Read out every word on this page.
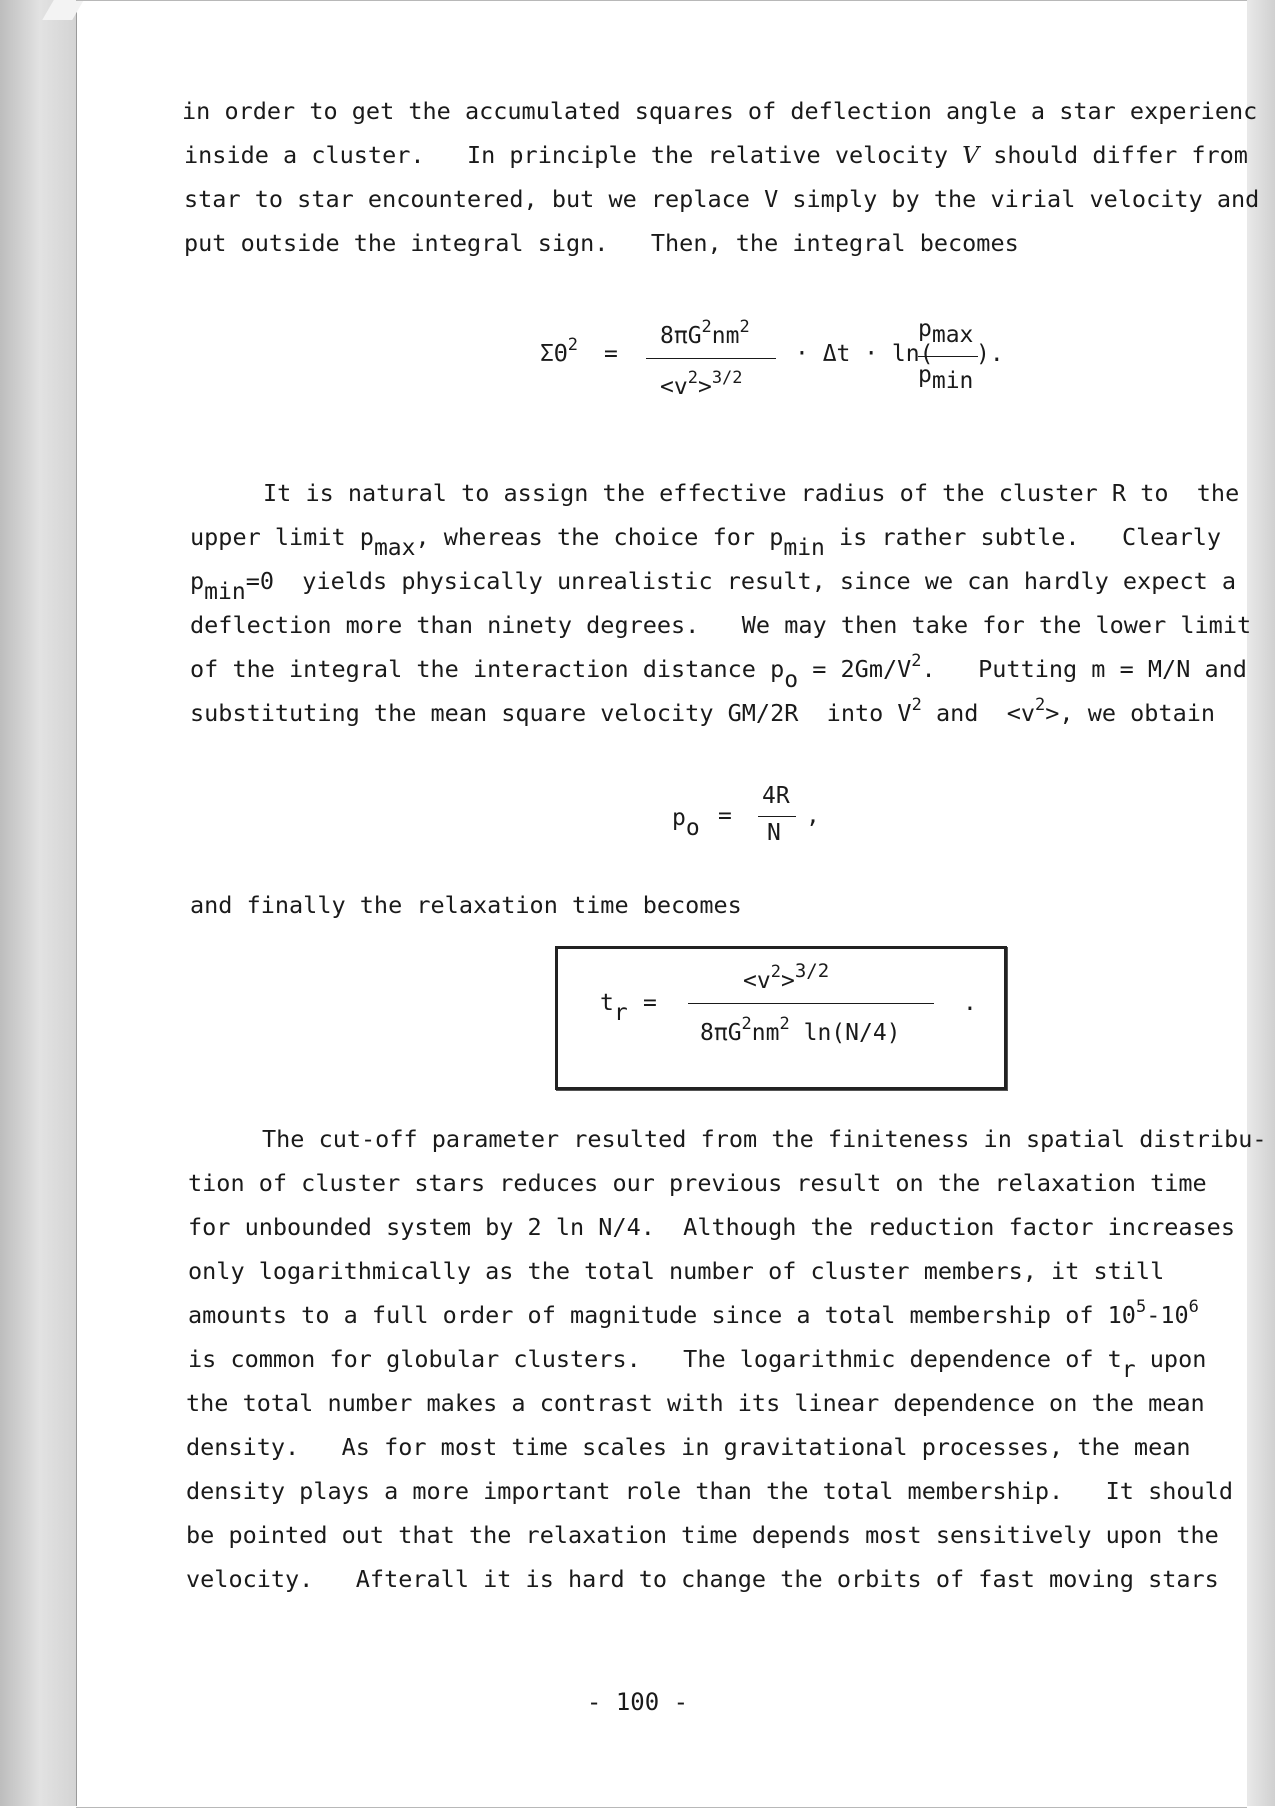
in order to get the accumulated squares of deflection angle a star experienc
inside a cluster.   In principle the relative velocity V should differ from
star to star encountered, but we replace V simply by the virial velocity and
put outside the integral sign.   Then, the integral becomes
$\Sigma\Theta^2$ =
$8\pi G^2nm^2$
$<v^2>^{3/2}$
· Δt · ln(
pmax
pmin
).
It is natural to assign the effective radius of the cluster R to  the
upper limit pmax, whereas the choice for pmin is rather subtle.   Clearly
pmin=0  yields physically unrealistic result, since we can hardly expect a
deflection more than ninety degrees.   We may then take for the lower limit
of the integral the interaction distance po = $2Gm/V^2$.   Putting m = M/N and
substituting the mean square velocity GM/2R  into $V^2$ and  $<v^2>$, we obtain
po =
4R
N
,
and finally the relaxation time becomes
tr =
$<v^2>^{3/2}$
$8\pi G^2nm^2$ ln(N/4)
.
The cut-off parameter resulted from the finiteness in spatial distribu-
tion of cluster stars reduces our previous result on the relaxation time
for unbounded system by 2 ln N/4.  Although the reduction factor increases
only logarithmically as the total number of cluster members, it still
amounts to a full order of magnitude since a total membership of $10^5-10^6$
is common for globular clusters.   The logarithmic dependence of tr upon
the total number makes a contrast with its linear dependence on the mean
density.   As for most time scales in gravitational processes, the mean
density plays a more important role than the total membership.   It should
be pointed out that the relaxation time depends most sensitively upon the
velocity.   Afterall it is hard to change the orbits of fast moving stars
- 100 -
